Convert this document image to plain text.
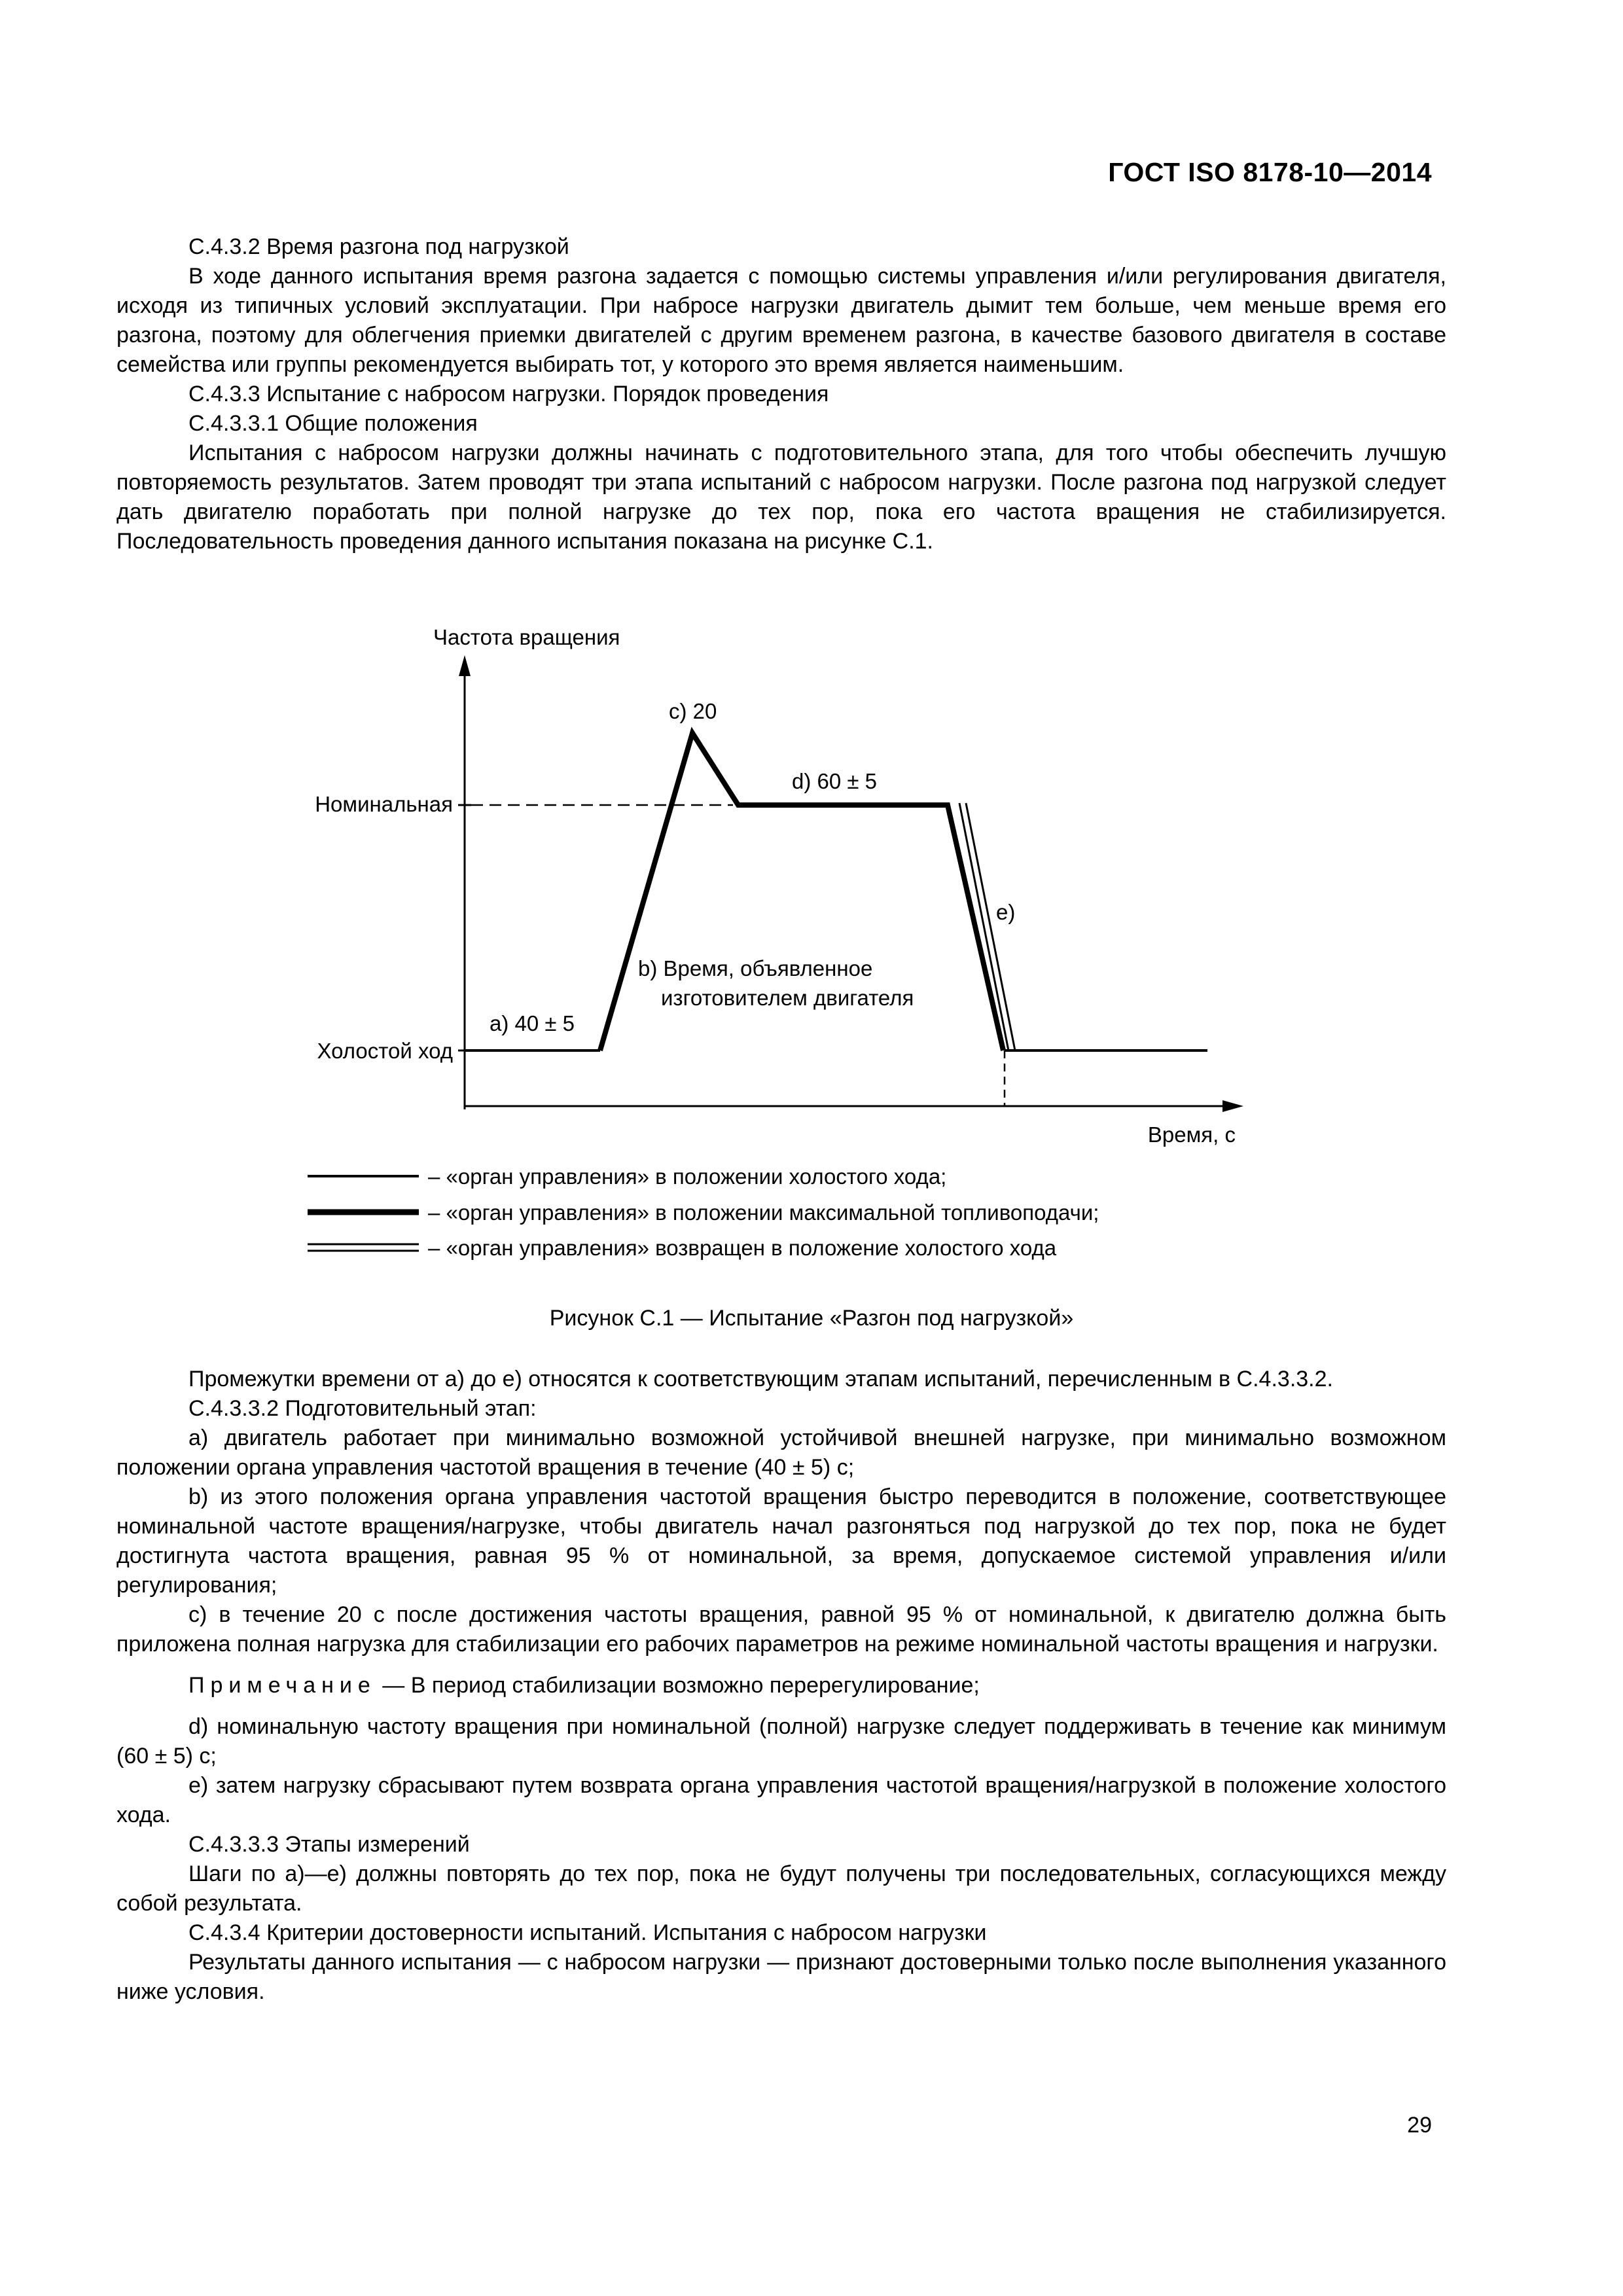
ГОСТ ISO 8178-10—2014

С.4.3.2 Время разгона под нагрузкой

В ходе данного испытания время разгона задается с помощью системы управления и/или регулирования двигателя, исходя из типичных условий эксплуатации. При набросе нагрузки двигатель дымит тем больше, чем меньше время его разгона, поэтому для облегчения приемки двигателей с другим временем разгона, в качестве базового двигателя в составе семейства или группы рекомендуется выбирать тот, у которого это время является наименьшим.

С.4.3.3 Испытание с набросом нагрузки. Порядок проведения

С.4.3.3.1 Общие положения

Испытания с набросом нагрузки должны начинать с подготовительного этапа, для того чтобы обеспечить лучшую повторяемость результатов. Затем проводят три этапа испытаний с набросом нагрузки. После разгона под нагрузкой следует дать двигателю поработать при полной нагрузке до тех пор, пока его частота вращения не стабилизируется. Последовательность проведения данного испытания показана на рисунке С.1.

Частота вращения
Время, с
Номинальная
Холостой ход
a) 40 ± 5
b) Время, объявленное
изготовителем двигателя
c) 20
d) 60 ± 5
e)
– «орган управления» в положении холостого хода;
– «орган управления» в положении максимальной топливоподачи;
– «орган управления» возвращен в положение холостого хода
Рисунок С.1 — Испытание «Разгон под нагрузкой»

Промежутки времени от a) до e) относятся к соответствующим этапам испытаний, перечисленным в С.4.3.3.2.

С.4.3.3.2 Подготовительный этап:

a) двигатель работает при минимально возможной устойчивой внешней нагрузке, при минимально возможном положении органа управления частотой вращения в течение (40 ± 5) с;

b) из этого положения органа управления частотой вращения быстро переводится в положение, соответствующее номинальной частоте вращения/нагрузке, чтобы двигатель начал разгоняться под нагрузкой до тех пор, пока не будет достигнута частота вращения, равная 95 % от номинальной, за время, допускаемое системой управления и/или регулирования;

c) в течение 20 с после достижения частоты вращения, равной 95 % от номинальной, к двигателю должна быть приложена полная нагрузка для стабилизации его рабочих параметров на режиме номинальной частоты вращения и нагрузки.

Примечание — В период стабилизации возможно перерегулирование;

d) номинальную частоту вращения при номинальной (полной) нагрузке следует поддерживать в течение как минимум (60 ± 5) с;

e) затем нагрузку сбрасывают путем возврата органа управления частотой вращения/нагрузкой в положение холостого хода.

С.4.3.3.3 Этапы измерений

Шаги по a)—e) должны повторять до тех пор, пока не будут получены три последовательных, согласующихся между собой результата.

С.4.3.4 Критерии достоверности испытаний. Испытания с набросом нагрузки

Результаты данного испытания — с набросом нагрузки — признают достоверными только после выполнения указанного ниже условия.

29
